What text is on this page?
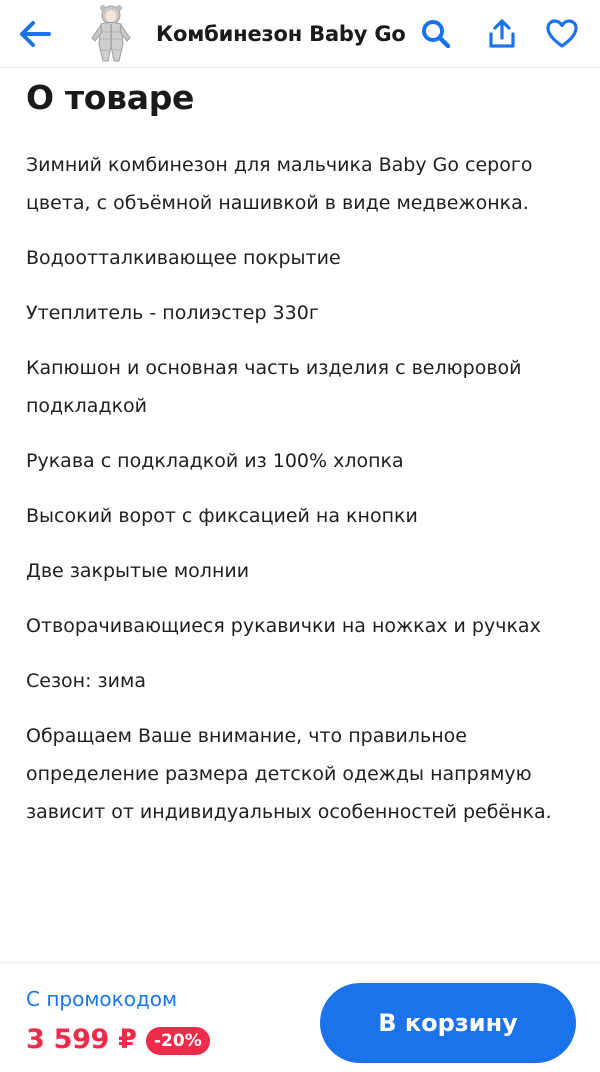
Комбинезон Baby Go
О товаре

Зимний комбинезон для мальчика Baby Go серого цвета, с объёмной нашивкой в виде медвежонка.

Водоотталкивающее покрытие

Утеплитель - полиэстер 330г

Капюшон и основная часть изделия с велюровой подкладкой

Рукава с подкладкой из 100% хлопка

Высокий ворот с фиксацией на кнопки

Две закрытые молнии

Отворачивающиеся рукавички на ножках и ручках

Сезон: зима

Обращаем Ваше внимание, что правильное определение размера детской одежды напрямую зависит от индивидуальных особенностей ребёнка.

С промокодом
3 599 ₽	-20%
В корзину
